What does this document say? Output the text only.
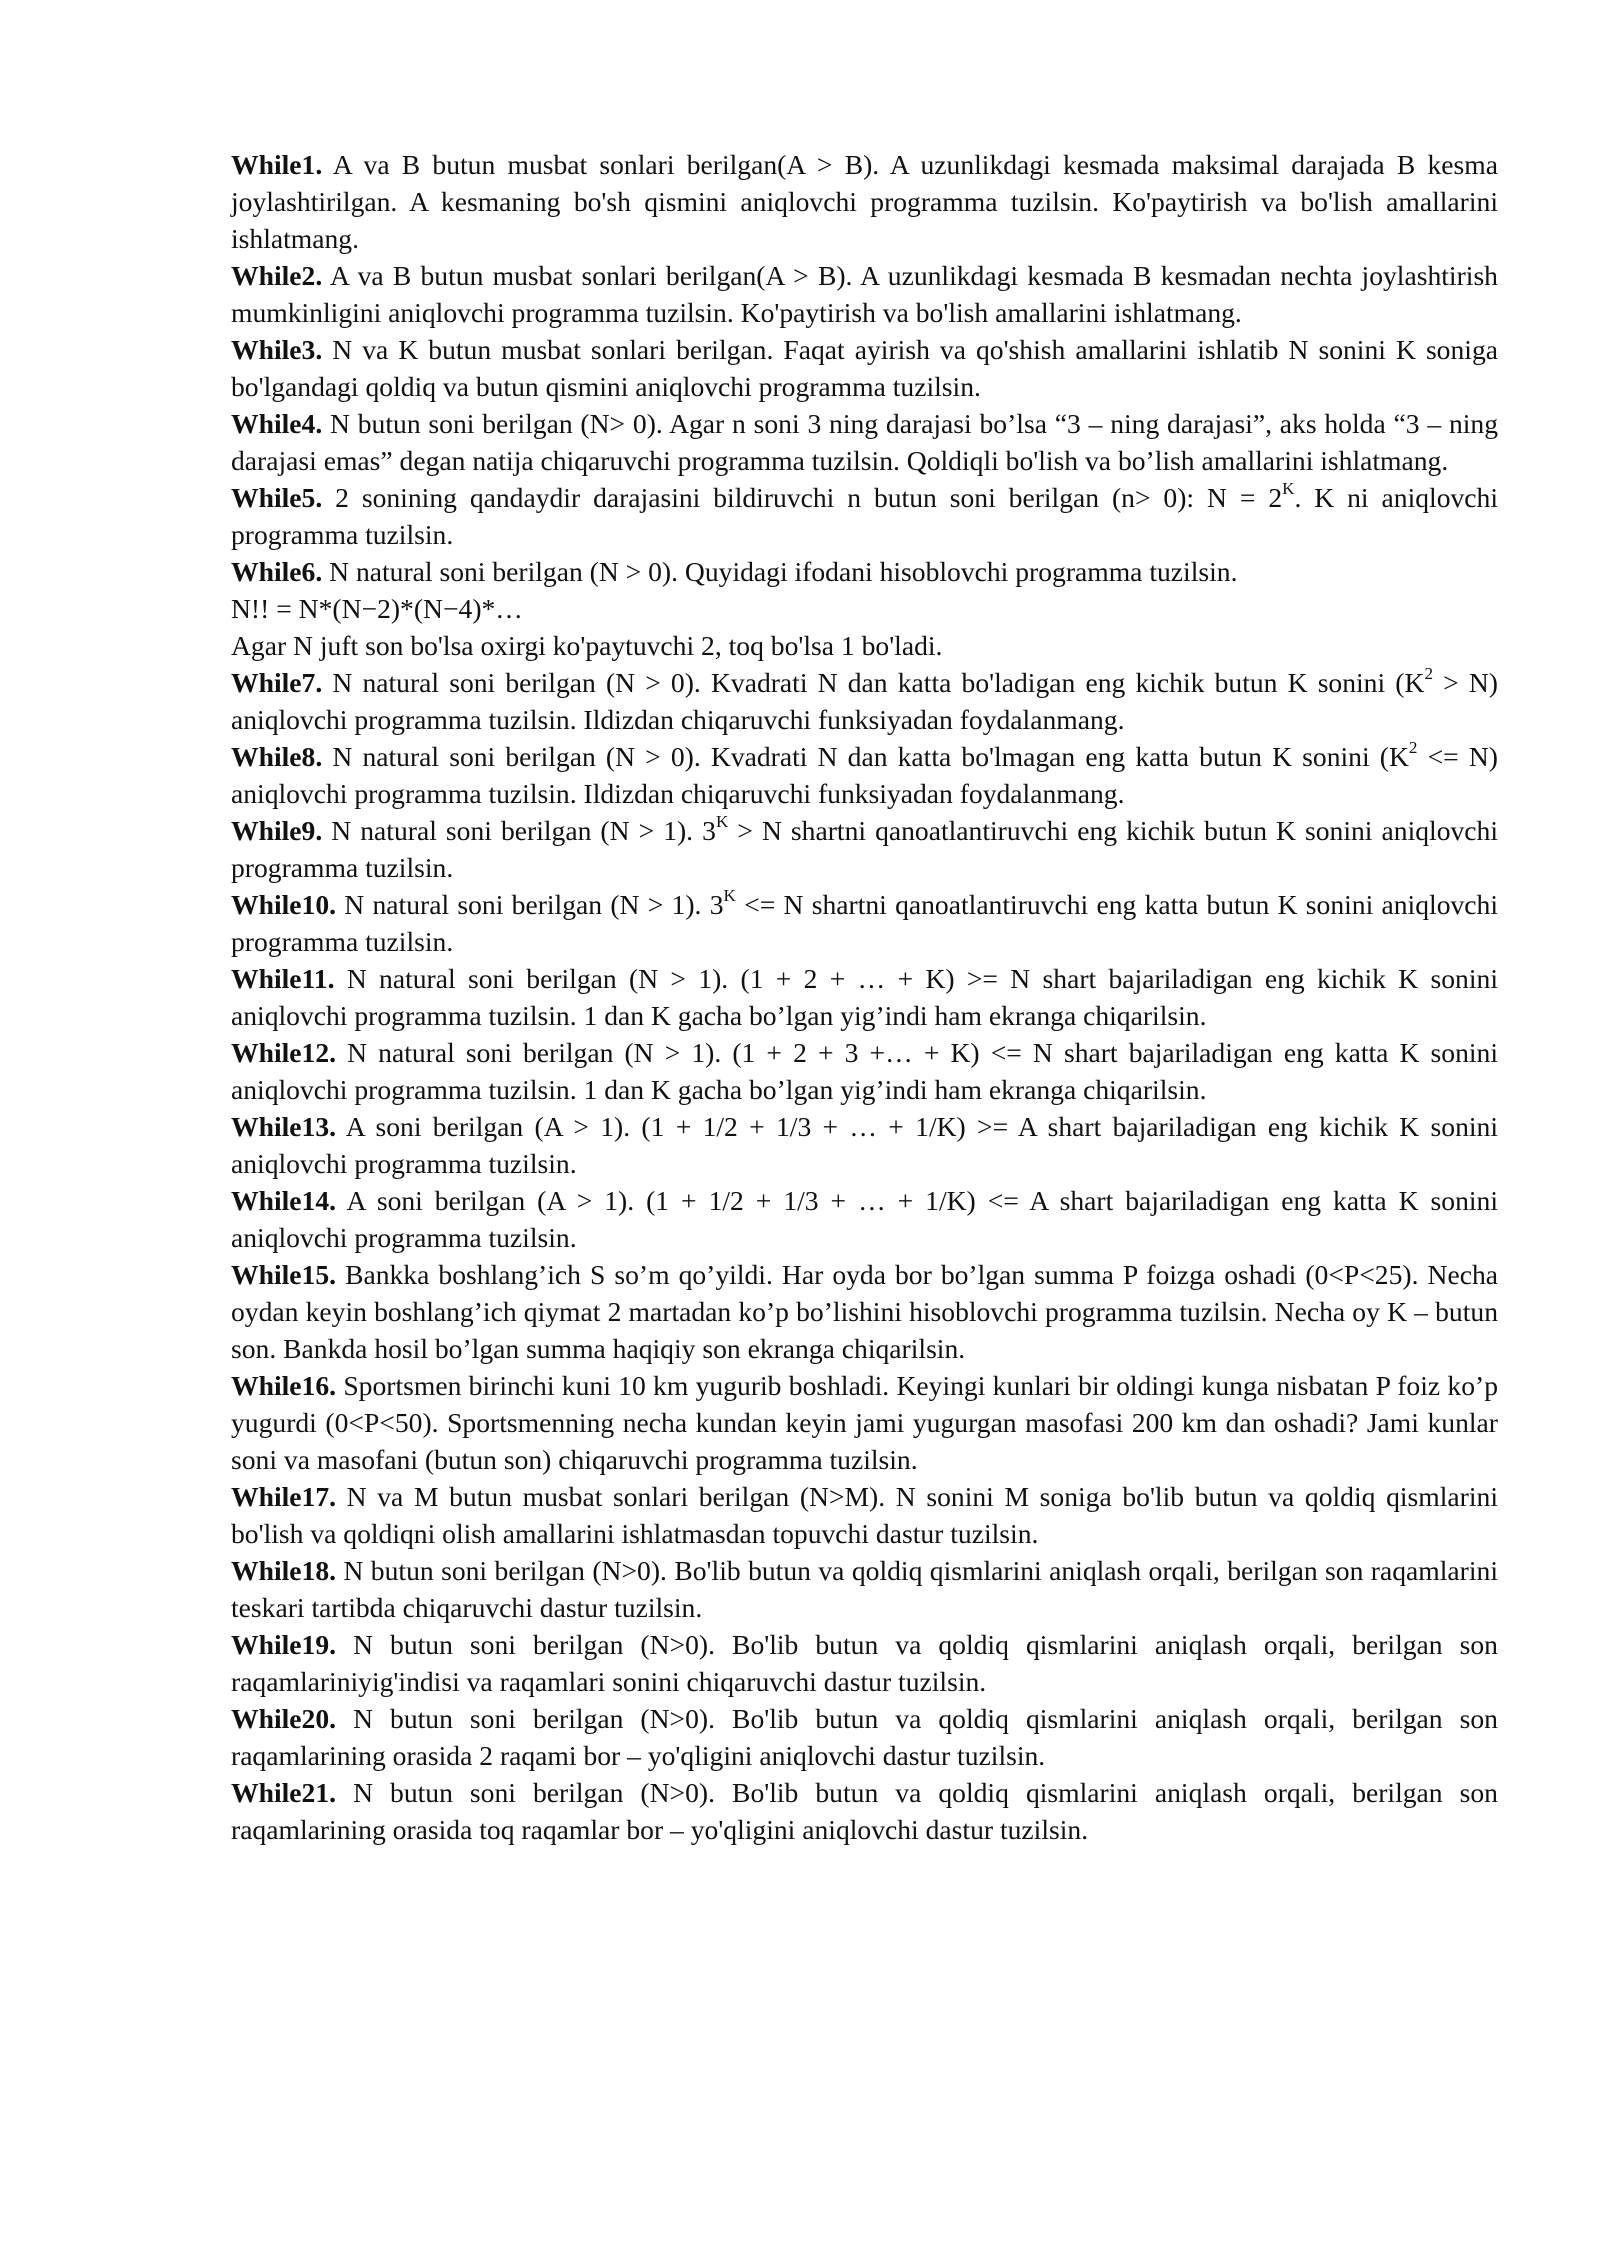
While1. A va B butun musbat sonlari berilgan(A > B). A uzunlikdagi kesmada maksimal darajada B kesma joylashtirilgan. A kesmaning bo'sh qismini aniqlovchi programma tuzilsin. Ko'paytirish va bo'lish amallarini ishlatmang.

While2. A va B butun musbat sonlari berilgan(A > B). A uzunlikdagi kesmada B kesmadan nechta joylashtirish mumkinligini aniqlovchi programma tuzilsin. Ko'paytirish va bo'lish amallarini ishlatmang.

While3. N va K butun musbat sonlari berilgan. Faqat ayirish va qo'shish amallarini ishlatib N sonini K soniga bo'lgandagi qoldiq va butun qismini aniqlovchi programma tuzilsin.

While4. N butun soni berilgan (N> 0). Agar n soni 3 ning darajasi bo’lsa “3 – ning darajasi”, aks holda “3 – ning darajasi emas” degan natija chiqaruvchi programma tuzilsin. Qoldiqli bo'lish va bo’lish amallarini ishlatmang.

While5. 2 sonining qandaydir darajasini bildiruvchi n butun soni berilgan (n> 0): $N = 2^K$. K ni aniqlovchi programma tuzilsin.

While6. N natural soni berilgan (N > 0). Quyidagi ifodani hisoblovchi programma tuzilsin.

N!! = N*(N−2)*(N−4)*…

Agar N juft son bo'lsa oxirgi ko'paytuvchi 2, toq bo'lsa 1 bo'ladi.

While7. N natural soni berilgan (N > 0). Kvadrati N dan katta bo'ladigan eng kichik butun K sonini $(K^2 > N)$ aniqlovchi programma tuzilsin. Ildizdan chiqaruvchi funksiyadan foydalanmang.

While8. N natural soni berilgan (N > 0). Kvadrati N dan katta bo'lmagan eng katta butun K sonini $(K^2 <= N)$ aniqlovchi programma tuzilsin. Ildizdan chiqaruvchi funksiyadan foydalanmang.

While9. N natural soni berilgan (N > 1). $3^K > N$ shartni qanoatlantiruvchi eng kichik butun K sonini aniqlovchi programma tuzilsin.

While10. N natural soni berilgan (N > 1). $3^K <= N$ shartni qanoatlantiruvchi eng katta butun K sonini aniqlovchi programma tuzilsin.

While11. N natural soni berilgan (N > 1). (1 + 2 + … + K) >= N shart bajariladigan eng kichik K sonini aniqlovchi programma tuzilsin. 1 dan K gacha bo’lgan yig’indi ham ekranga chiqarilsin.

While12. N natural soni berilgan (N > 1). (1 + 2 + 3 +… + K) <= N shart bajariladigan eng katta K sonini aniqlovchi programma tuzilsin. 1 dan K gacha bo’lgan yig’indi ham ekranga chiqarilsin.

While13. A soni berilgan (A > 1). (1 + 1/2 + 1/3 + … + 1/K) >= A shart bajariladigan eng kichik K sonini aniqlovchi programma tuzilsin.

While14. A soni berilgan (A > 1). (1 + 1/2 + 1/3 + … + 1/K) <= A shart bajariladigan eng katta K sonini aniqlovchi programma tuzilsin.

While15. Bankka boshlang’ich S so’m qo’yildi. Har oyda bor bo’lgan summa P foizga oshadi (0<P<25). Necha oydan keyin boshlang’ich qiymat 2 martadan ko’p bo’lishini hisoblovchi programma tuzilsin. Necha oy K – butun son. Bankda hosil bo’lgan summa haqiqiy son ekranga chiqarilsin.

While16. Sportsmen birinchi kuni 10 km yugurib boshladi. Keyingi kunlari bir oldingi kunga nisbatan P foiz ko’p yugurdi (0<P<50). Sportsmenning necha kundan keyin jami yugurgan masofasi 200 km dan oshadi? Jami kunlar soni va masofani (butun son) chiqaruvchi programma tuzilsin.

While17. N va M butun musbat sonlari berilgan (N>M). N sonini M soniga bo'lib butun va qoldiq qismlarini bo'lish va qoldiqni olish amallarini ishlatmasdan topuvchi dastur tuzilsin.

While18. N butun soni berilgan (N>0). Bo'lib butun va qoldiq qismlarini aniqlash orqali, berilgan son raqamlarini teskari tartibda chiqaruvchi dastur tuzilsin.

While19. N butun soni berilgan (N>0). Bo'lib butun va qoldiq qismlarini aniqlash orqali, berilgan son raqamlariniyig'indisi va raqamlari sonini chiqaruvchi dastur tuzilsin.

While20. N butun soni berilgan (N>0). Bo'lib butun va qoldiq qismlarini aniqlash orqali, berilgan son raqamlarining orasida 2 raqami bor – yo'qligini aniqlovchi dastur tuzilsin.

While21. N butun soni berilgan (N>0). Bo'lib butun va qoldiq qismlarini aniqlash orqali, berilgan son raqamlarining orasida toq raqamlar bor – yo'qligini aniqlovchi dastur tuzilsin.
